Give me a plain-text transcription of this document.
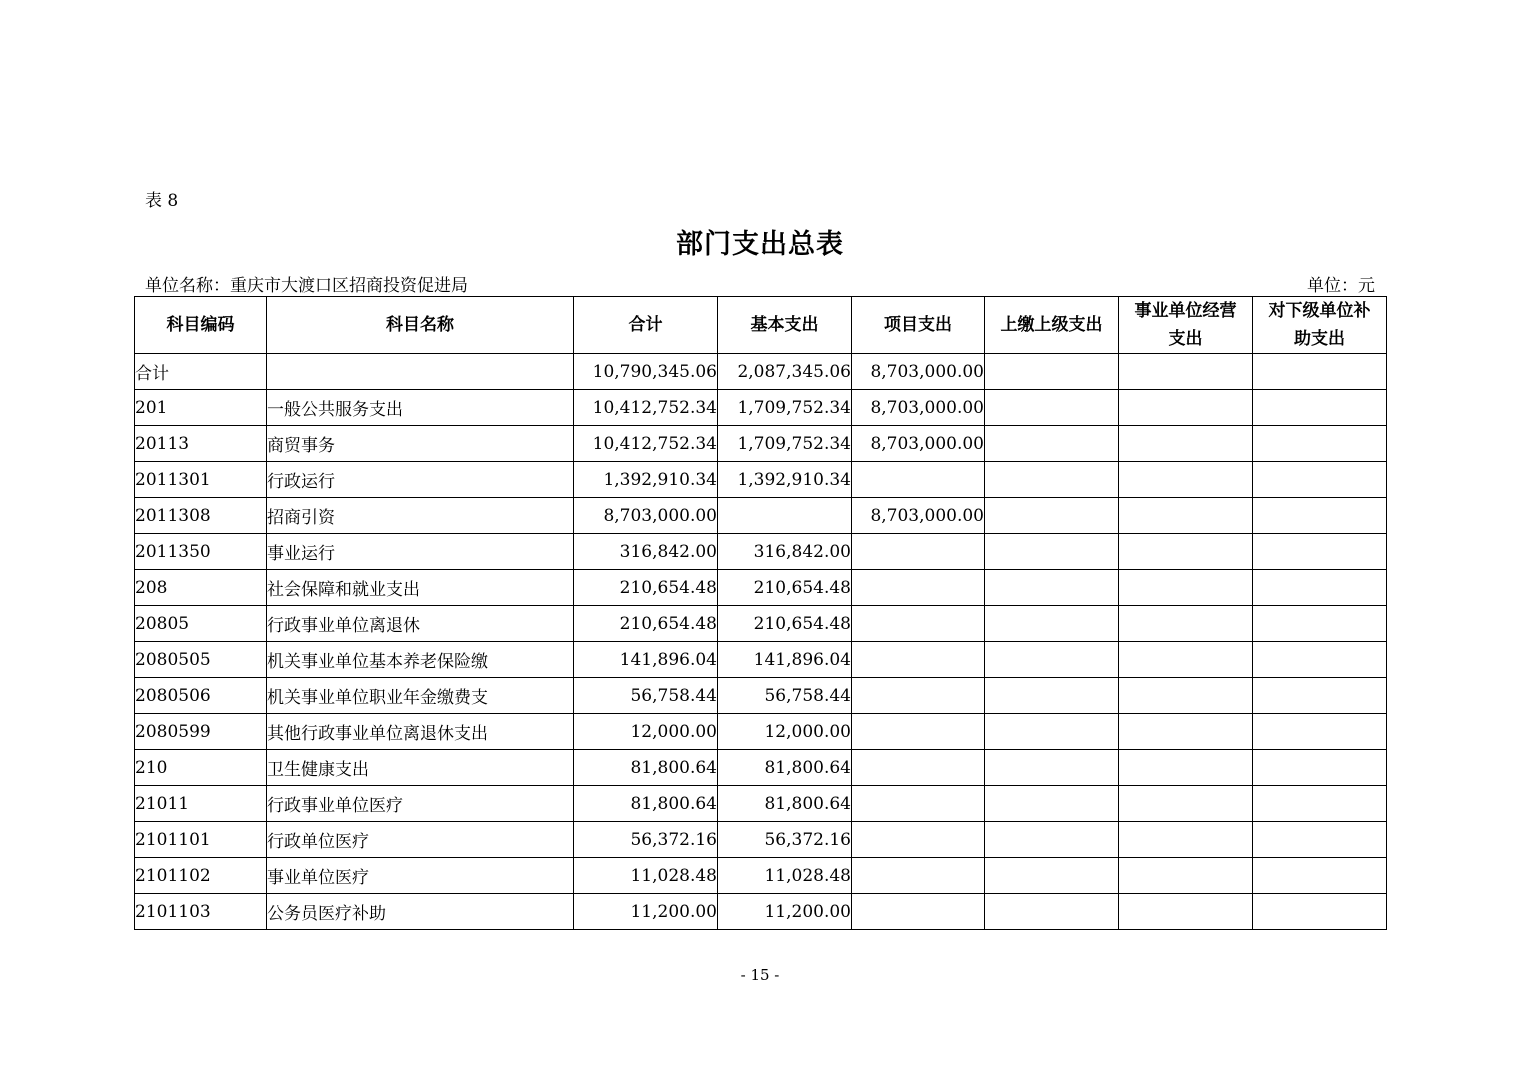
表 8
部门支出总表
单位名称：重庆市大渡口区招商投资促进局	单位：元
科目编码	科目名称	合计	基本支出	项目支出	上缴上级支出	事业单位经营支出	对下级单位补助支出
合计		10,790,345.06	2,087,345.06	8,703,000.00			
201	一般公共服务支出	10,412,752.34	1,709,752.34	8,703,000.00			
20113	商贸事务	10,412,752.34	1,709,752.34	8,703,000.00			
2011301	行政运行	1,392,910.34	1,392,910.34				
2011308	招商引资	8,703,000.00		8,703,000.00			
2011350	事业运行	316,842.00	316,842.00				
208	社会保障和就业支出	210,654.48	210,654.48				
20805	行政事业单位离退休	210,654.48	210,654.48				
2080505	机关事业单位基本养老保险缴	141,896.04	141,896.04				
2080506	机关事业单位职业年金缴费支	56,758.44	56,758.44				
2080599	其他行政事业单位离退休支出	12,000.00	12,000.00				
210	卫生健康支出	81,800.64	81,800.64				
21011	行政事业单位医疗	81,800.64	81,800.64				
2101101	行政单位医疗	56,372.16	56,372.16				
2101102	事业单位医疗	11,028.48	11,028.48				
2101103	公务员医疗补助	11,200.00	11,200.00				
- 15 -
